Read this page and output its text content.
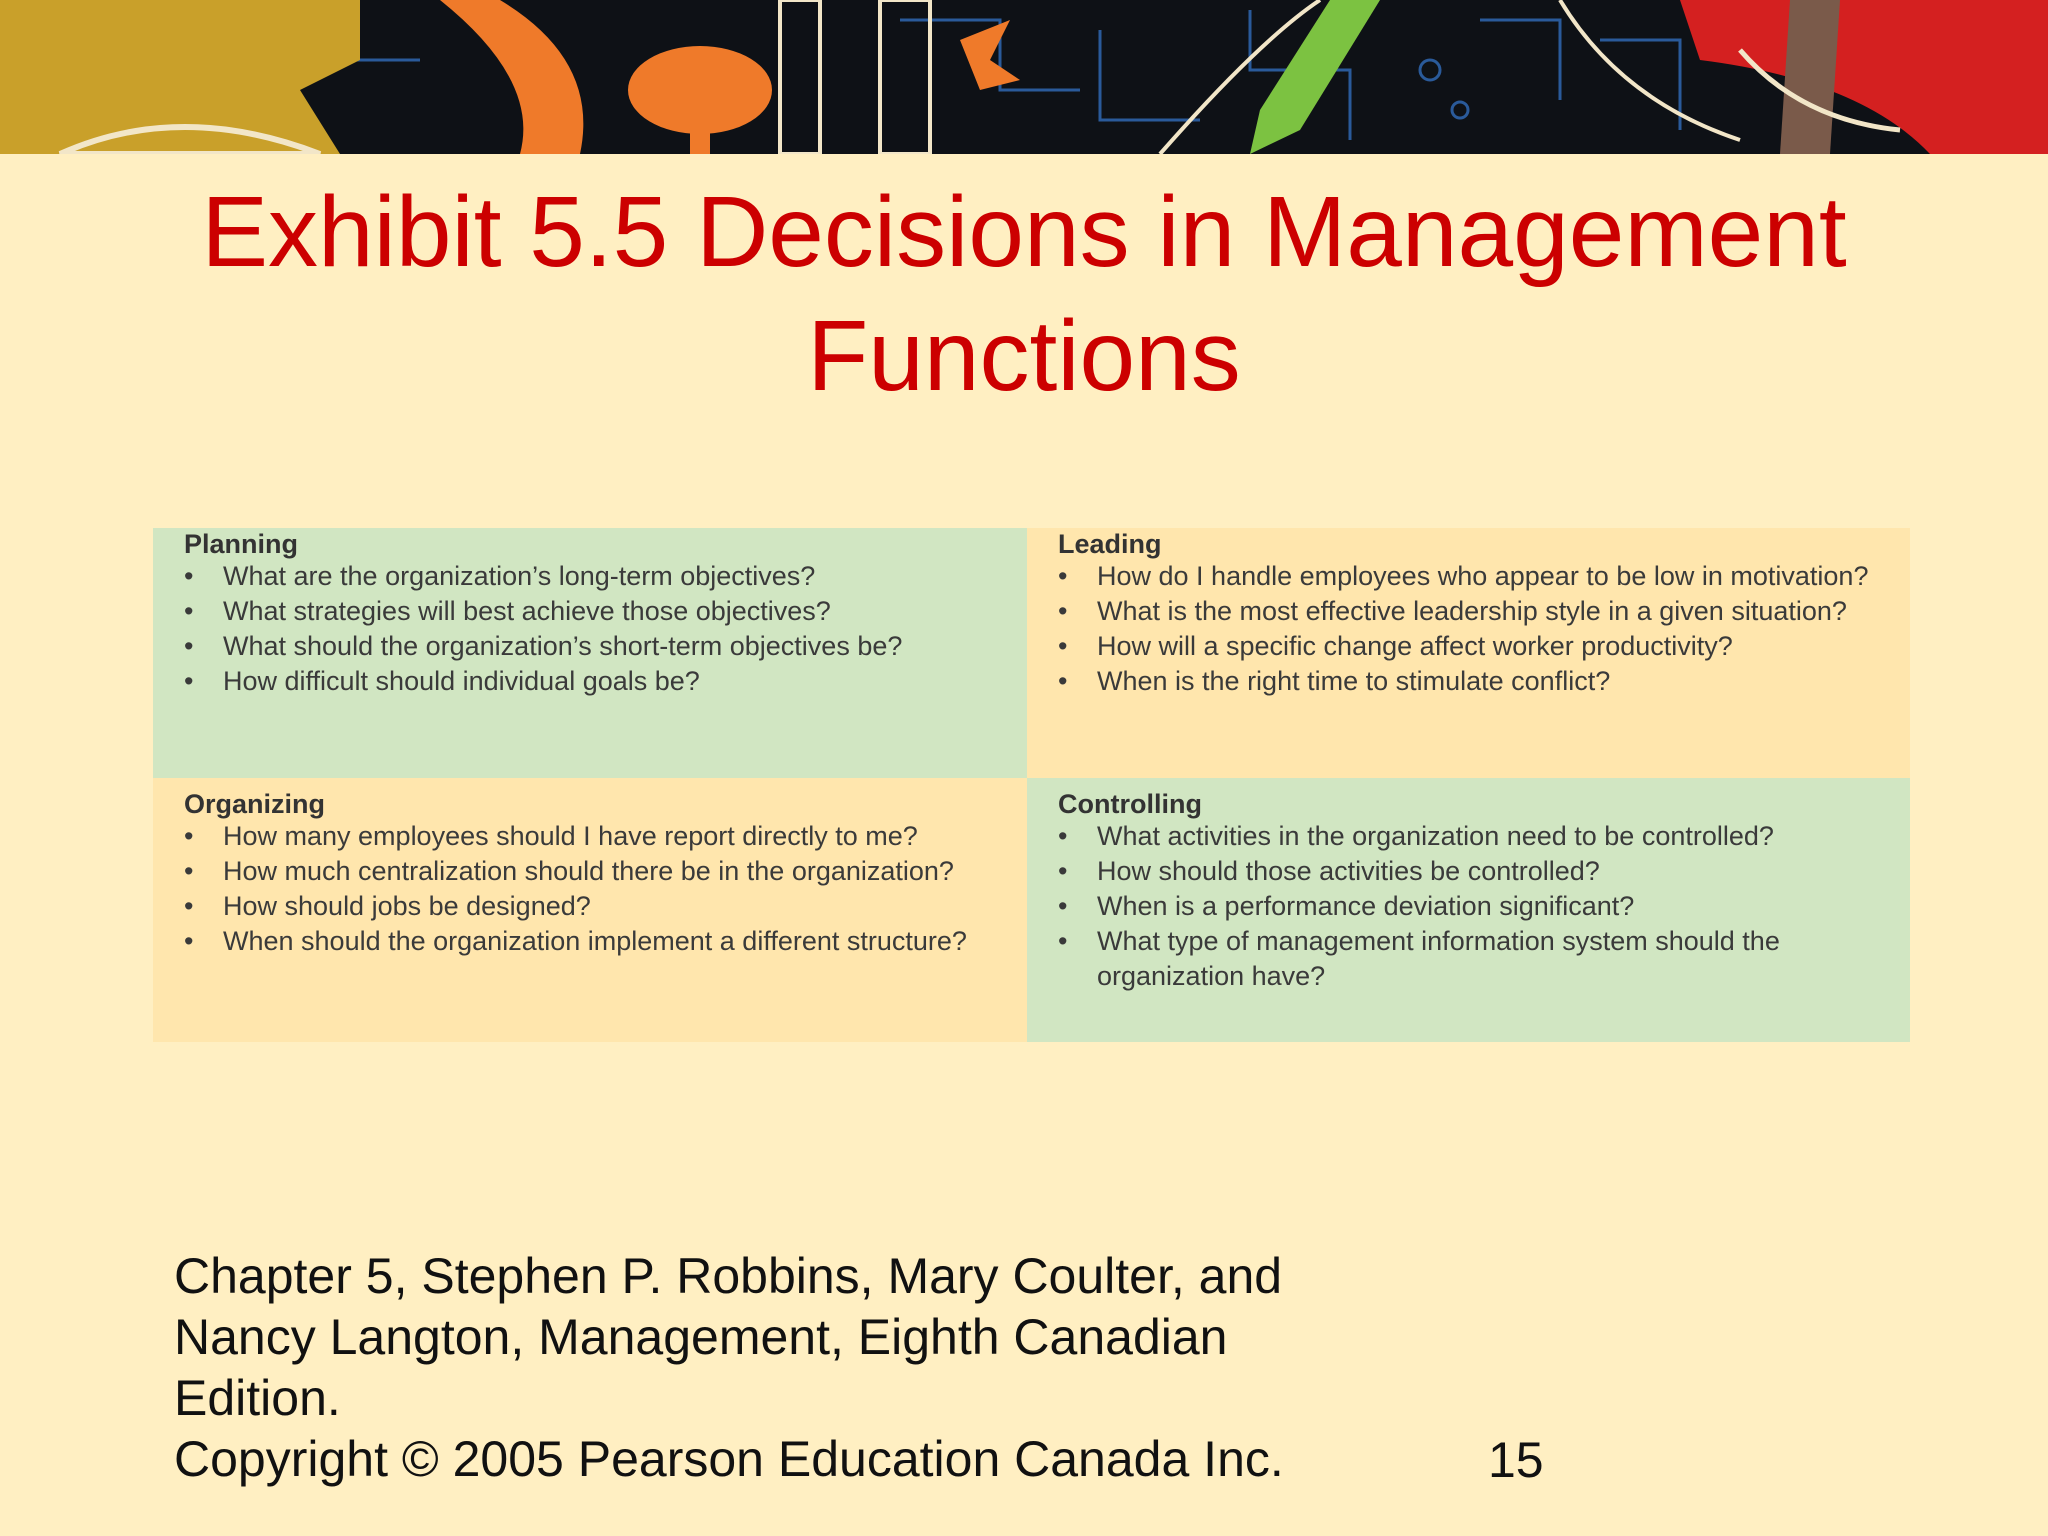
Exhibit 5.5 Decisions in Management Functions
Planning
• What are the organization’s long-term objectives?
• What strategies will best achieve those objectives?
• What should the organization’s short-term objectives be?
• How difficult should individual goals be?
Leading
• How do I handle employees who appear to be low in motivation?
• What is the most effective leadership style in a given situation?
• How will a specific change affect worker productivity?
• When is the right time to stimulate conflict?
Organizing
• How many employees should I have report directly to me?
• How much centralization should there be in the organization?
• How should jobs be designed?
• When should the organization implement a different structure?
Controlling
• What activities in the organization need to be controlled?
• How should those activities be controlled?
• When is a performance deviation significant?
• What type of management information system should the organization have?
Chapter 5, Stephen P. Robbins, Mary Coulter, and
Nancy Langton, Management, Eighth Canadian
Edition.
Copyright © 2005 Pearson Education Canada Inc.	15
